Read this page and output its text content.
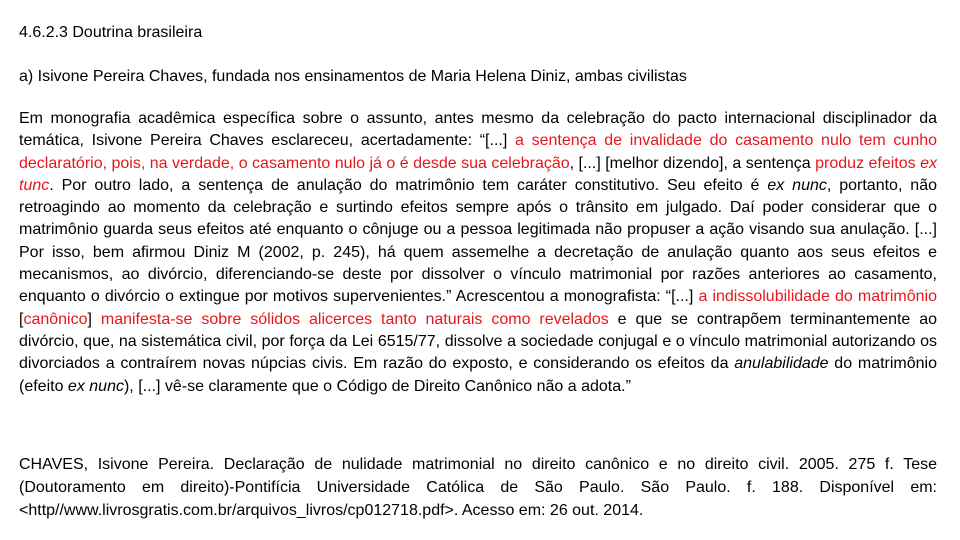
4.6.2.3 Doutrina brasileira
a) Isivone Pereira Chaves, fundada nos ensinamentos de Maria Helena Diniz, ambas civilistas
Em monografia acadêmica específica sobre o assunto, antes mesmo da celebração do pacto internacional disciplinador da temática, Isivone Pereira Chaves esclareceu, acertadamente: “[...] a sentença de invalidade do casamento nulo tem cunho declaratório, pois, na verdade, o casamento nulo já o é desde sua celebração, [...] [melhor dizendo], a sentença produz efeitos ex tunc. Por outro lado, a sentença de anulação do matrimônio tem caráter constitutivo. Seu efeito é ex nunc, portanto, não retroagindo ao momento da celebração e surtindo efeitos sempre após o trânsito em julgado. Daí poder considerar que o matrimônio guarda seus efeitos até enquanto o cônjuge ou a pessoa legitimada não propuser a ação visando sua anulação. [...] Por isso, bem afirmou Diniz M (2002, p. 245), há quem assemelhe a decretação de anulação quanto aos seus efeitos e mecanismos, ao divórcio, diferenciando-se deste por dissolver o vínculo matrimonial por razões anteriores ao casamento, enquanto o divórcio o extingue por motivos supervenientes.” Acrescentou a monografista: “[...] a indissolubilidade do matrimônio [canônico] manifesta-se sobre sólidos alicerces tanto naturais como revelados e que se contrapõem terminantemente ao divórcio, que, na sistemática civil, por força da Lei 6515/77, dissolve a sociedade conjugal e o vínculo matrimonial autorizando os divorciados a contraírem novas núpcias civis. Em razão do exposto, e considerando os efeitos da anulabilidade do matrimônio (efeito ex nunc), [...] vê-se claramente que o Código de Direito Canônico não a adota.”
CHAVES, Isivone Pereira. Declaração de nulidade matrimonial no direito canônico e no direito civil. 2005. 275 f. Tese (Doutoramento em direito)-Pontifícia Universidade Católica de São Paulo. São Paulo. f. 188. Disponível em: <http//www.livrosgratis.com.br/arquivos_livros/cp012718.pdf>. Acesso em: 26 out. 2014.
